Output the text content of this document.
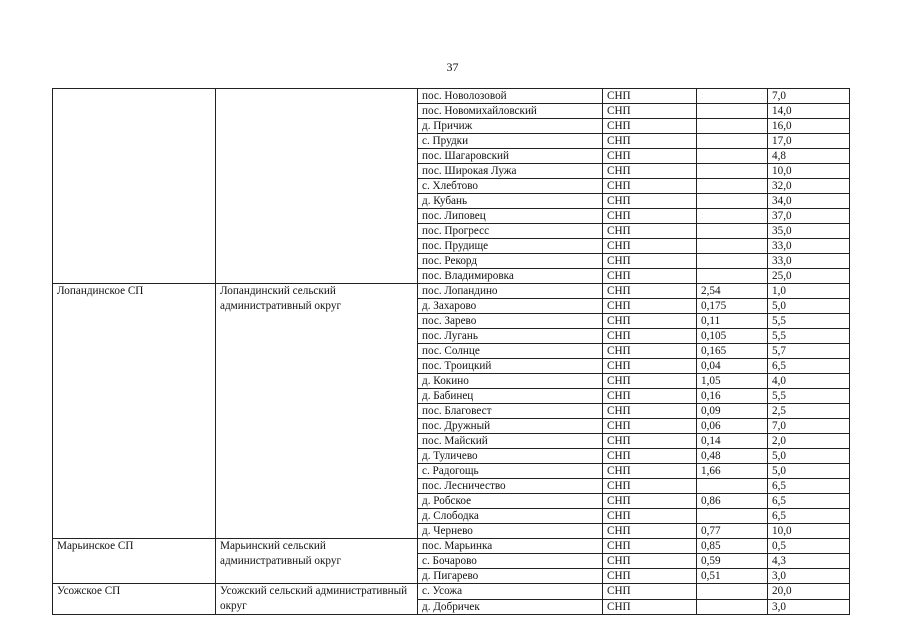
37
		пос. Новолозовой	СНП		7,0
		пос. Новомихайловский	СНП		14,0
		д. Причиж	СНП		16,0
		с. Прудки	СНП		17,0
		пос. Шагаровский	СНП		4,8
		пос. Широкая Лужа	СНП		10,0
		с. Хлебтово	СНП		32,0
		д. Кубань	СНП		34,0
		пос. Липовец	СНП		37,0
		пос. Прогресс	СНП		35,0
		пос. Прудище	СНП		33,0
		пос. Рекорд	СНП		33,0
		пос. Владимировка	СНП		25,0
Лопандинское СП	Лопандинский сельский административный округ	пос. Лопандино	СНП	2,54	1,0
		д. Захарово	СНП	0,175	5,0
		пос. Зарево	СНП	0,11	5,5
		пос. Лугань	СНП	0,105	5,5
		пос. Солнце	СНП	0,165	5,7
		пос. Троицкий	СНП	0,04	6,5
		д. Кокино	СНП	1,05	4,0
		д. Бабинец	СНП	0,16	5,5
		пос. Благовест	СНП	0,09	2,5
		пос. Дружный	СНП	0,06	7,0
		пос. Майский	СНП	0,14	2,0
		д. Туличево	СНП	0,48	5,0
		с. Радогощь	СНП	1,66	5,0
		пос. Лесничество	СНП		6,5
		д. Робское	СНП	0,86	6,5
		д. Слободка	СНП		6,5
		д. Чернево	СНП	0,77	10,0
Марьинское СП	Марьинский сельский административный округ	пос. Марьинка	СНП	0,85	0,5
		с. Бочарово	СНП	0,59	4,3
		д. Пигарево	СНП	0,51	3,0
Усожское СП	Усожский сельский административный округ	с. Усожа	СНП		20,0
		д. Добричек	СНП		3,0
